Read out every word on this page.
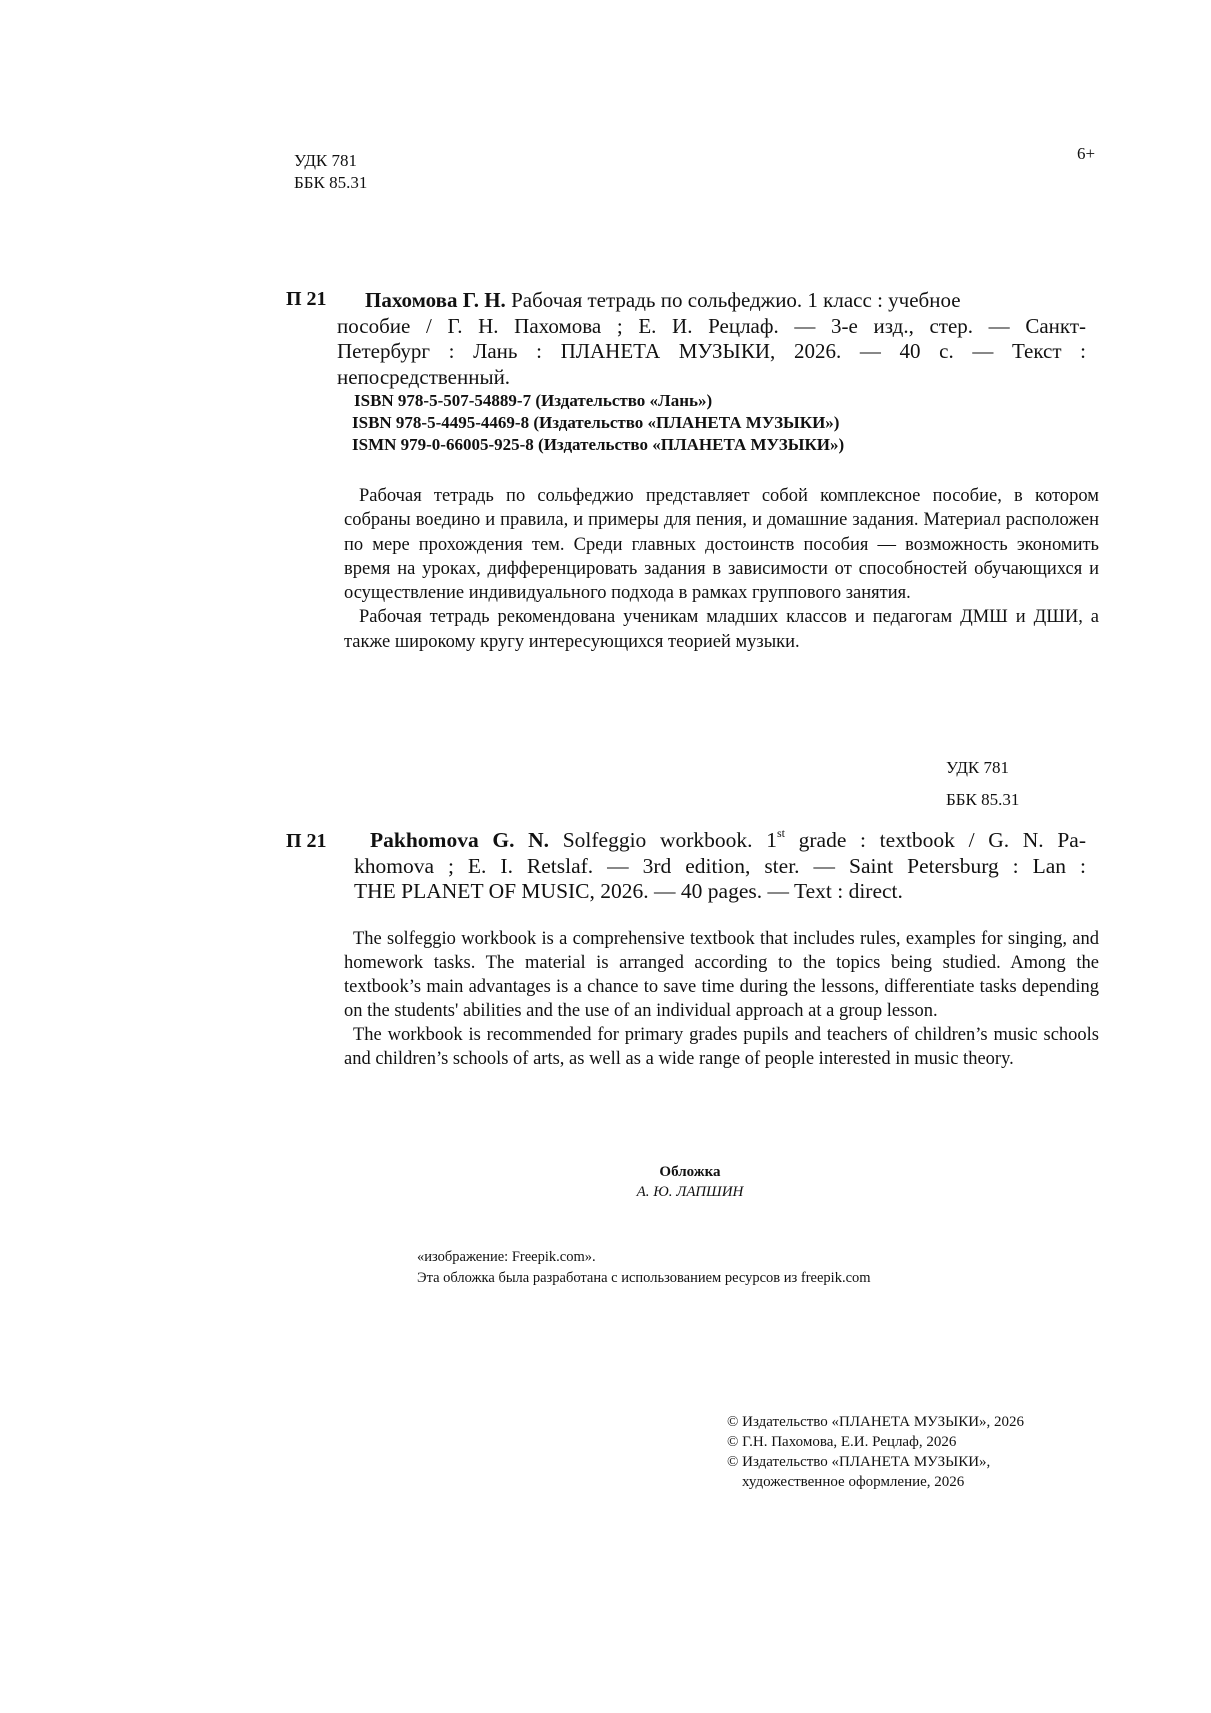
УДК 781
ББК 85.31
6+
П 21	Пахомова Г. Н. Рабочая тетрадь по сольфеджио. 1 класс : учебное
пособие / Г. Н. Пахомова ; Е. И. Рецлаф. — 3-е изд., стер. — Санкт-
Петербург : Лань : ПЛАНЕТА МУЗЫКИ, 2026. — 40 с. — Текст :
непосредственный.
ISBN 978-5-507-54889-7 (Издательство «Лань»)
ISBN 978-5-4495-4469-8 (Издательство «ПЛАНЕТА МУЗЫКИ»)
ISMN 979-0-66005-925-8 (Издательство «ПЛАНЕТА МУЗЫКИ»)

Рабочая тетрадь по сольфеджио представляет собой комплексное пособие, в котором собраны воедино и правила, и примеры для пения, и домашние задания. Материал расположен по мере прохождения тем. Среди главных достоинств пособия — возможность экономить время на уроках, дифференцировать задания в зависимости от способностей обучающихся и осуществление индивидуального подхода в рамках группового занятия.

Рабочая тетрадь рекомендована ученикам младших классов и педагогам ДМШ и ДШИ, а также широкому кругу интересующихся теорией музыки.

УДК 781
ББК 85.31
П 21 Pakhomova G. N. Solfeggio workbook. 1st grade : textbook / G. N. Pa-
khomova ; E. I. Retslaf. — 3rd edition, ster. — Saint Petersburg : Lan :
THE PLANET OF MUSIC, 2026. — 40 pages. — Text : direct.

The solfeggio workbook is a comprehensive textbook that includes rules, examples for singing, and homework tasks. The material is arranged according to the topics being studied. Among the textbook’s main advantages is a chance to save time during the lessons, differentiate tasks depending on the students' abilities and the use of an individual approach at a group lesson.

The workbook is recommended for primary grades pupils and teachers of children’s music schools and children’s schools of arts, as well as a wide range of people interested in music theory.

Обложка
А. Ю. ЛАПШИН
«изображение: Freepik.com».
Эта обложка была разработана с использованием ресурсов из freepik.com
© Издательство «ПЛАНЕТА МУЗЫКИ», 2026
© Г.Н. Пахомова, Е.И. Рецлаф, 2026
© Издательство «ПЛАНЕТА МУЗЫКИ»,
художественное оформление, 2026
